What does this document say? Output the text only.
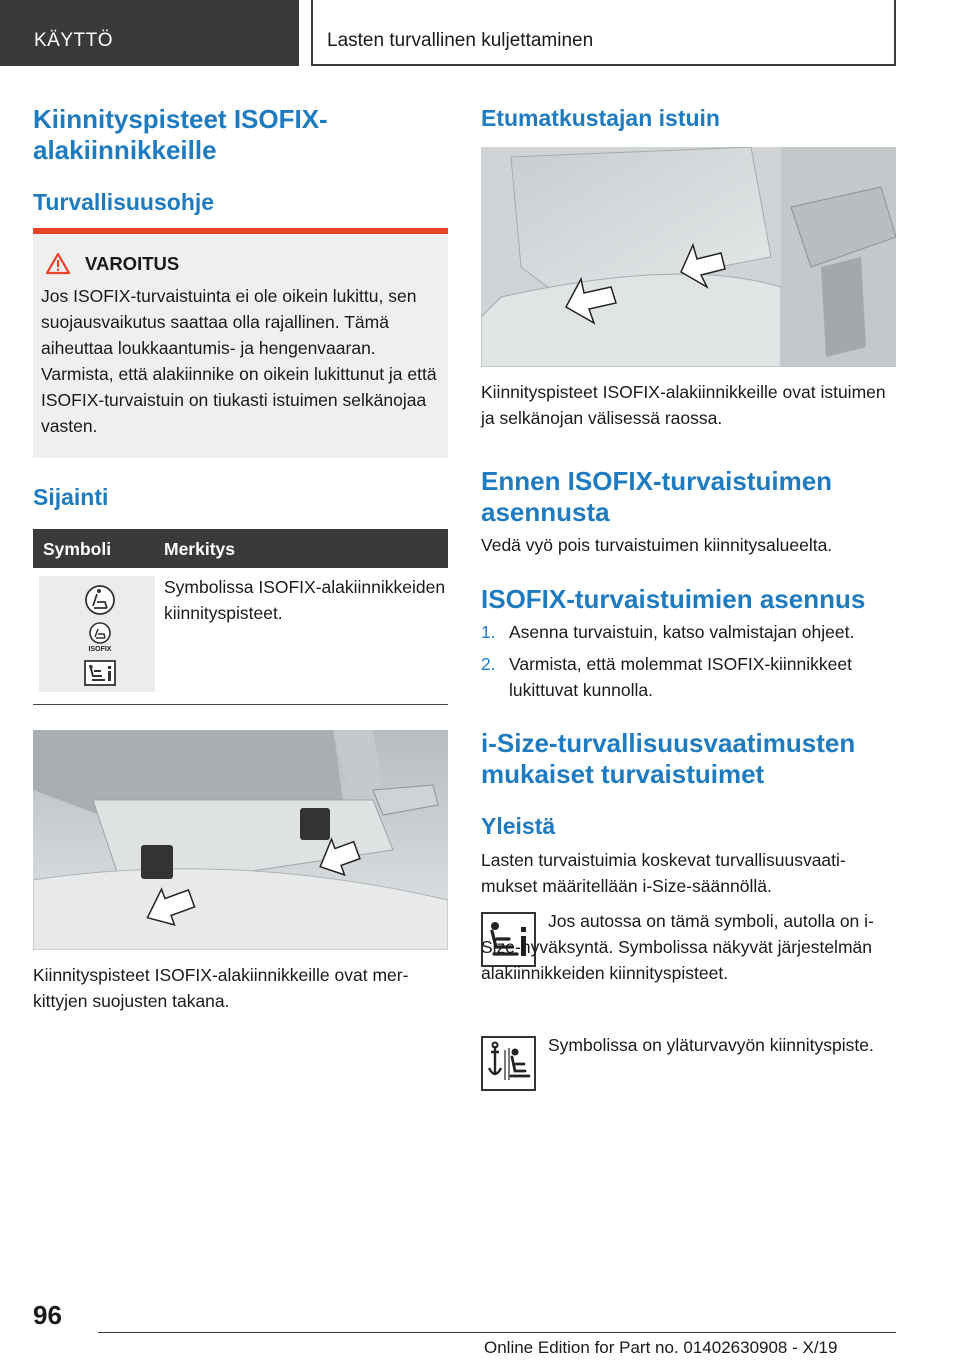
KÄYTTÖ	Lasten turvallinen kuljettaminen
Kiinnityspisteet ISOFIX-
alakiinnikkeille
Turvallisuusohje
VAROITUS
Jos ISOFIX-turvaistuinta ei ole oikein lukittu, sen suojausvaikutus saattaa olla rajallinen. Tämä aiheuttaa loukkaantumis- ja hengenvaaran. Varmista, että alakiinnike on oikein lukittunut ja että ISOFIX-turvaistuin on tiukasti istuimen selkänojaa vasten.
Sijainti
Symboli	Merkitys
ISOFIX
Symbolissa ISOFIX-alakiinnikkeiden kiinnityspisteet.
Kiinnityspisteet ISOFIX-alakiinnikkeille ovat merkittyjen suojusten takana.
Etumatkustajan istuin
Kiinnityspisteet ISOFIX-alakiinnikkeille ovat istuimen ja selkänojan välisessä raossa.
Ennen ISOFIX-turvaistuimen asennusta
Vedä vyö pois turvaistuimen kiinnitysalueelta.
ISOFIX-turvaistuimien asennus
1. Asenna turvaistuin, katso valmistajan ohjeet.
2. Varmista, että molemmat ISOFIX-kiinnikkeet lukittuvat kunnolla.
i-Size-turvallisuusvaatimusten mukaiset turvaistuimet
Yleistä
Lasten turvaistuimia koskevat turvallisuusvaatimukset määritellään i-Size-säännöllä.
Jos autossa on tämä symboli, autolla on i-Size-hyväksyntä. Symbolissa näkyvät järjestelmän alakiinnikkeiden kiinnityspisteet.
Symbolissa on yläturvavyön kiinnityspiste.
96
Online Edition for Part no. 01402630908 - X/19
